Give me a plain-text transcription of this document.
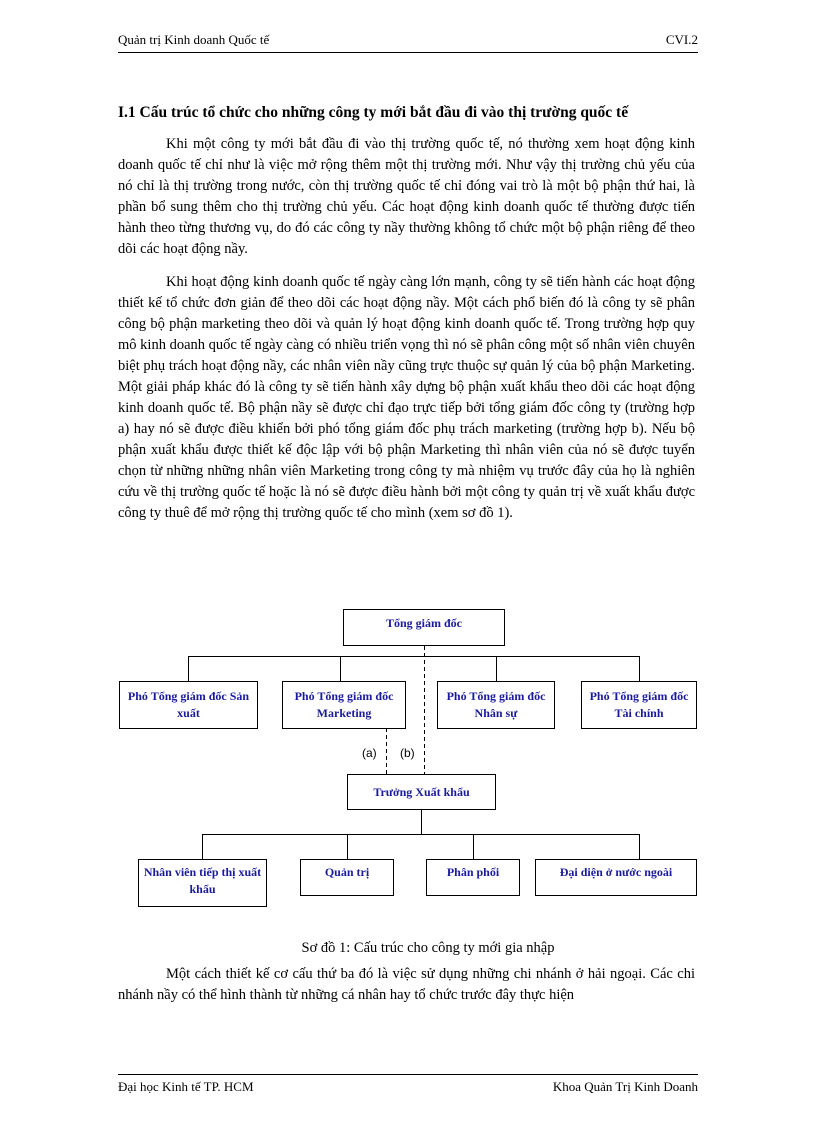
Quản trị Kinh doanh Quốc tế	CVI.2
I.1 Cấu trúc tổ chức cho những công ty mới bắt đầu đi vào thị trường quốc tế

Khi một công ty mới bắt đầu đi vào thị trường quốc tế, nó thường xem hoạt động kinh doanh quốc tế chỉ như là việc mở rộng thêm một thị trường mới. Như vậy thị trường chủ yếu của nó chỉ là thị trường trong nước, còn thị trường quốc tế chỉ đóng vai trò là một bộ phận thứ hai, là phần bổ sung thêm cho thị trường chủ yếu. Các hoạt động kinh doanh quốc tế thường được tiến hành theo từng thương vụ, do đó các công ty nầy thường không tổ chức một bộ phận riêng để theo dõi các hoạt động nầy.

Khi hoạt động kinh doanh quốc tế ngày càng lớn mạnh, công ty sẽ tiến hành các hoạt động thiết kế tổ chức đơn giản để theo dõi các hoạt động nầy. Một cách phổ biến đó là công ty sẽ phân công bộ phận marketing theo dõi và quản lý hoạt động kinh doanh quốc tế. Trong trường hợp quy mô kinh doanh quốc tế ngày càng có nhiều triển vọng thì nó sẽ phân công một số nhân viên chuyên biệt phụ trách hoạt động nầy, các nhân viên nầy cũng trực thuộc sự quản lý của bộ phận Marketing. Một giải pháp khác đó là công ty sẽ tiến hành xây dựng bộ phận xuất khẩu theo dõi các hoạt động kinh doanh quốc tế. Bộ phận nầy sẽ được chỉ đạo trực tiếp bởi tổng giám đốc công ty (trường hợp a) hay nó sẽ được điều khiển bởi phó tổng giám đốc phụ trách marketing (trường hợp b). Nếu bộ phận xuất khẩu được thiết kế độc lập với bộ phận Marketing thì nhân viên của nó sẽ được tuyển chọn từ những những nhân viên Marketing trong công ty mà nhiệm vụ trước đây của họ là nghiên cứu về thị trường quốc tế hoặc là nó sẽ được điều hành bởi một công ty quản trị về xuất khẩu được công ty thuê để mở rộng thị trường quốc tế cho mình (xem sơ đồ 1).

Tổng giám đốc
Phó Tổng giám đốc Sản xuất
Phó Tổng giám đốc Marketing
Phó Tổng giám đốc Nhân sự
Phó Tổng giám đốc Tài chính
(a) (b)
Trưởng Xuất khẩu
Nhân viên tiếp thị xuất khẩu
Quản trị	Phân phối	Đại diện ở nước ngoài
Sơ đồ 1: Cấu trúc cho công ty mới gia nhập

Một cách thiết kế cơ cấu thứ ba đó là việc sử dụng những chi nhánh ở hải ngoại. Các chi nhánh nầy có thể hình thành từ những cá nhân hay tổ chức trước đây thực hiện

Đại học Kinh tế TP. HCM	Khoa Quản Trị Kinh Doanh
